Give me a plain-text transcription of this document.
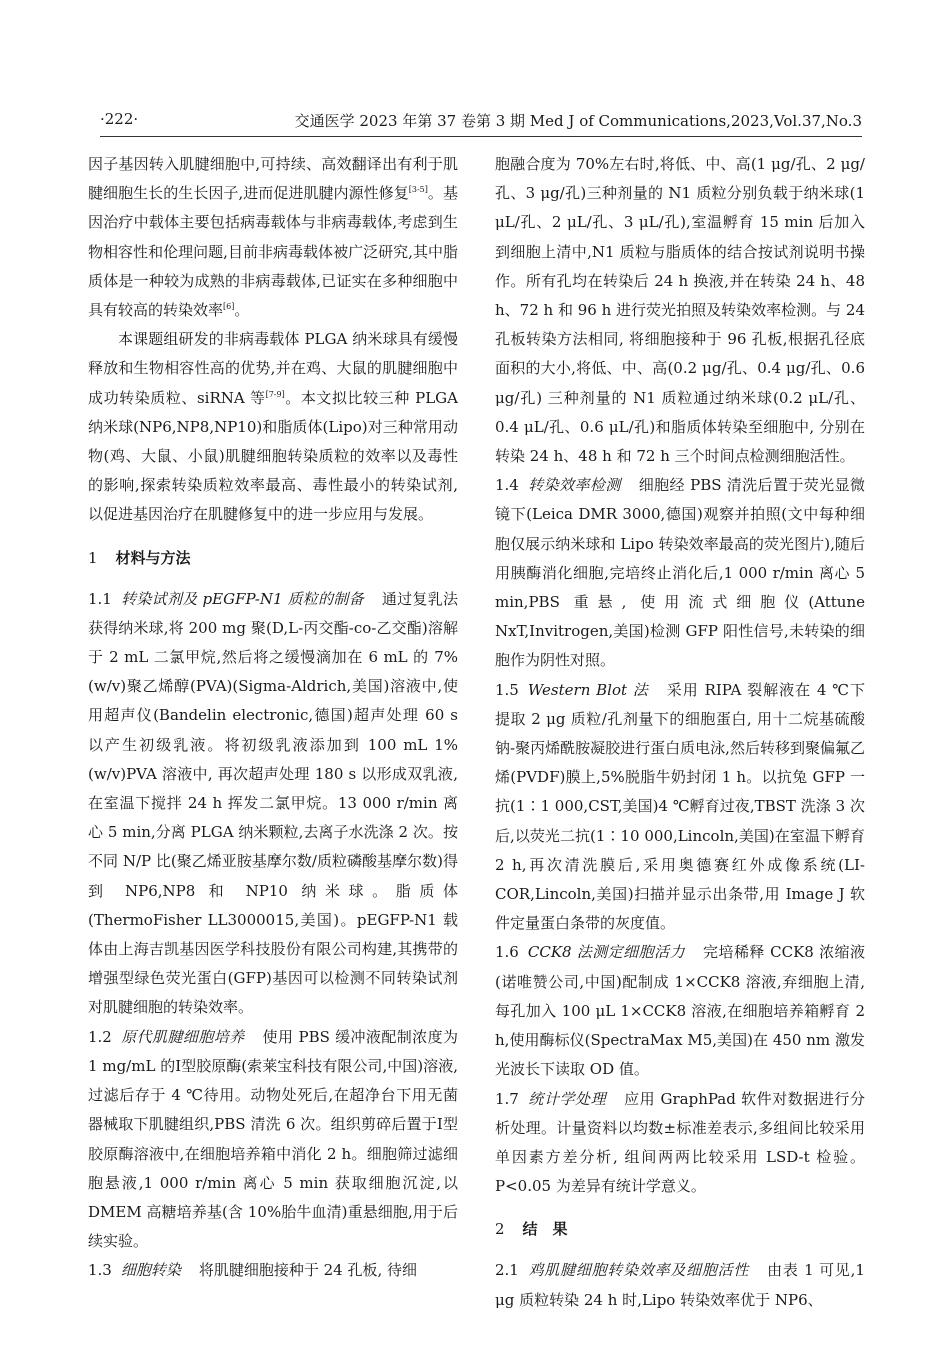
·222·	交通医学 2023 年第 37 卷第 3 期 Med J of Communications,2023,Vol.37,No.3

因子基因转入肌腱细胞中,可持续、高效翻译出有利于肌腱细胞生长的生长因子,进而促进肌腱内源性修复[3-5]。基因治疗中载体主要包括病毒载体与非病毒载体,考虑到生物相容性和伦理问题,目前非病毒载体被广泛研究,其中脂质体是一种较为成熟的非病毒载体,已证实在多种细胞中具有较高的转染效率[6]。

本课题组研发的非病毒载体 PLGA 纳米球具有缓慢释放和生物相容性高的优势,并在鸡、大鼠的肌腱细胞中成功转染质粒、siRNA 等[7-9]。本文拟比较三种 PLGA 纳米球(NP6,NP8,NP10)和脂质体(Lipo)对三种常用动物(鸡、大鼠、小鼠)肌腱细胞转染质粒的效率以及毒性的影响,探索转染质粒效率最高、毒性最小的转染试剂, 以促进基因治疗在肌腱修复中的进一步应用与发展。

1 材料与方法

1.1 转染试剂及 pEGFP-N1 质粒的制备 通过复乳法获得纳米球,将 200 mg 聚(D,L-丙交酯-co-乙交酯)溶解于 2 mL 二氯甲烷,然后将之缓慢滴加在 6 mL 的 7%(w/v)聚乙烯醇(PVA)(Sigma-Aldrich,美国)溶液中,使用超声仪(Bandelin electronic,德国)超声处理 60 s 以产生初级乳液。将初级乳液添加到 100 mL 1%(w/v)PVA 溶液中, 再次超声处理 180 s 以形成双乳液,在室温下搅拌 24 h 挥发二氯甲烷。13 000 r/min 离心 5 min,分离 PLGA 纳米颗粒,去离子水洗涤 2 次。按不同 N/P 比(聚乙烯亚胺基摩尔数/质粒磷酸基摩尔数)得到 NP6,NP8 和 NP10 纳米球。脂质体(ThermoFisher LL3000015,美国)。pEGFP-N1 载体由上海吉凯基因医学科技股份有限公司构建,其携带的增强型绿色荧光蛋白(GFP)基因可以检测不同转染试剂对肌腱细胞的转染效率。

1.2 原代肌腱细胞培养 使用 PBS 缓冲液配制浓度为 1 mg/mL 的Ⅰ型胶原酶(索莱宝科技有限公司,中国)溶液,过滤后存于 4 ℃待用。动物处死后,在超净台下用无菌器械取下肌腱组织,PBS 清洗 6 次。组织剪碎后置于Ⅰ型胶原酶溶液中,在细胞培养箱中消化 2 h。细胞筛过滤细胞悬液,1 000 r/min 离心 5 min 获取细胞沉淀,以 DMEM 高糖培养基(含 10%胎牛血清)重悬细胞,用于后续实验。

1.3 细胞转染 将肌腱细胞接种于 24 孔板, 待细

胞融合度为 70%左右时,将低、中、高(1 μg/孔、2 μg/孔、3 μg/孔)三种剂量的 N1 质粒分别负载于纳米球(1 μL/孔、2 μL/孔、3 μL/孔),室温孵育 15 min 后加入到细胞上清中,N1 质粒与脂质体的结合按试剂说明书操作。所有孔均在转染后 24 h 换液,并在转染 24 h、48 h、72 h 和 96 h 进行荧光拍照及转染效率检测。与 24 孔板转染方法相同, 将细胞接种于 96 孔板,根据孔径底面积的大小,将低、中、高(0.2 μg/孔、0.4 μg/孔、0.6 μg/孔) 三种剂量的 N1 质粒通过纳米球(0.2 μL/孔、0.4 μL/孔、0.6 μL/孔)和脂质体转染至细胞中, 分别在转染 24 h、48 h 和 72 h 三个时间点检测细胞活性。

1.4 转染效率检测 细胞经 PBS 清洗后置于荧光显微镜下(Leica DMR 3000,德国)观察并拍照(文中每种细胞仅展示纳米球和 Lipo 转染效率最高的荧光图片),随后用胰酶消化细胞,完培终止消化后,1 000 r/min 离心 5 min,PBS 重悬, 使用流式细胞仪(Attune NxT,Invitrogen,美国)检测 GFP 阳性信号,未转染的细胞作为阴性对照。

1.5 Western Blot 法 采用 RIPA 裂解液在 4 ℃下提取 2 μg 质粒/孔剂量下的细胞蛋白, 用十二烷基硫酸钠-聚丙烯酰胺凝胶进行蛋白质电泳,然后转移到聚偏氟乙烯(PVDF)膜上,5%脱脂牛奶封闭 1 h。以抗兔 GFP 一抗(1∶1 000,CST,美国)4 ℃孵育过夜,TBST 洗涤 3 次后,以荧光二抗(1∶10 000,Lincoln,美国)在室温下孵育 2 h,再次清洗膜后,采用奥德赛红外成像系统(LI-COR,Lincoln,美国)扫描并显示出条带,用 Image J 软件定量蛋白条带的灰度值。

1.6 CCK8 法测定细胞活力 完培稀释 CCK8 浓缩液(诺唯赞公司,中国)配制成 1×CCK8 溶液,弃细胞上清,每孔加入 100 μL 1×CCK8 溶液,在细胞培养箱孵育 2 h,使用酶标仪(SpectraMax M5,美国)在 450 nm 激发光波长下读取 OD 值。

1.7 统计学处理 应用 GraphPad 软件对数据进行分析处理。计量资料以均数±标准差表示,多组间比较采用单因素方差分析, 组间两两比较采用 LSD-t 检验。P<0.05 为差异有统计学意义。

2 结　果

2.1 鸡肌腱细胞转染效率及细胞活性 由表 1 可见,1 μg 质粒转染 24 h 时,Lipo 转染效率优于 NP6、
